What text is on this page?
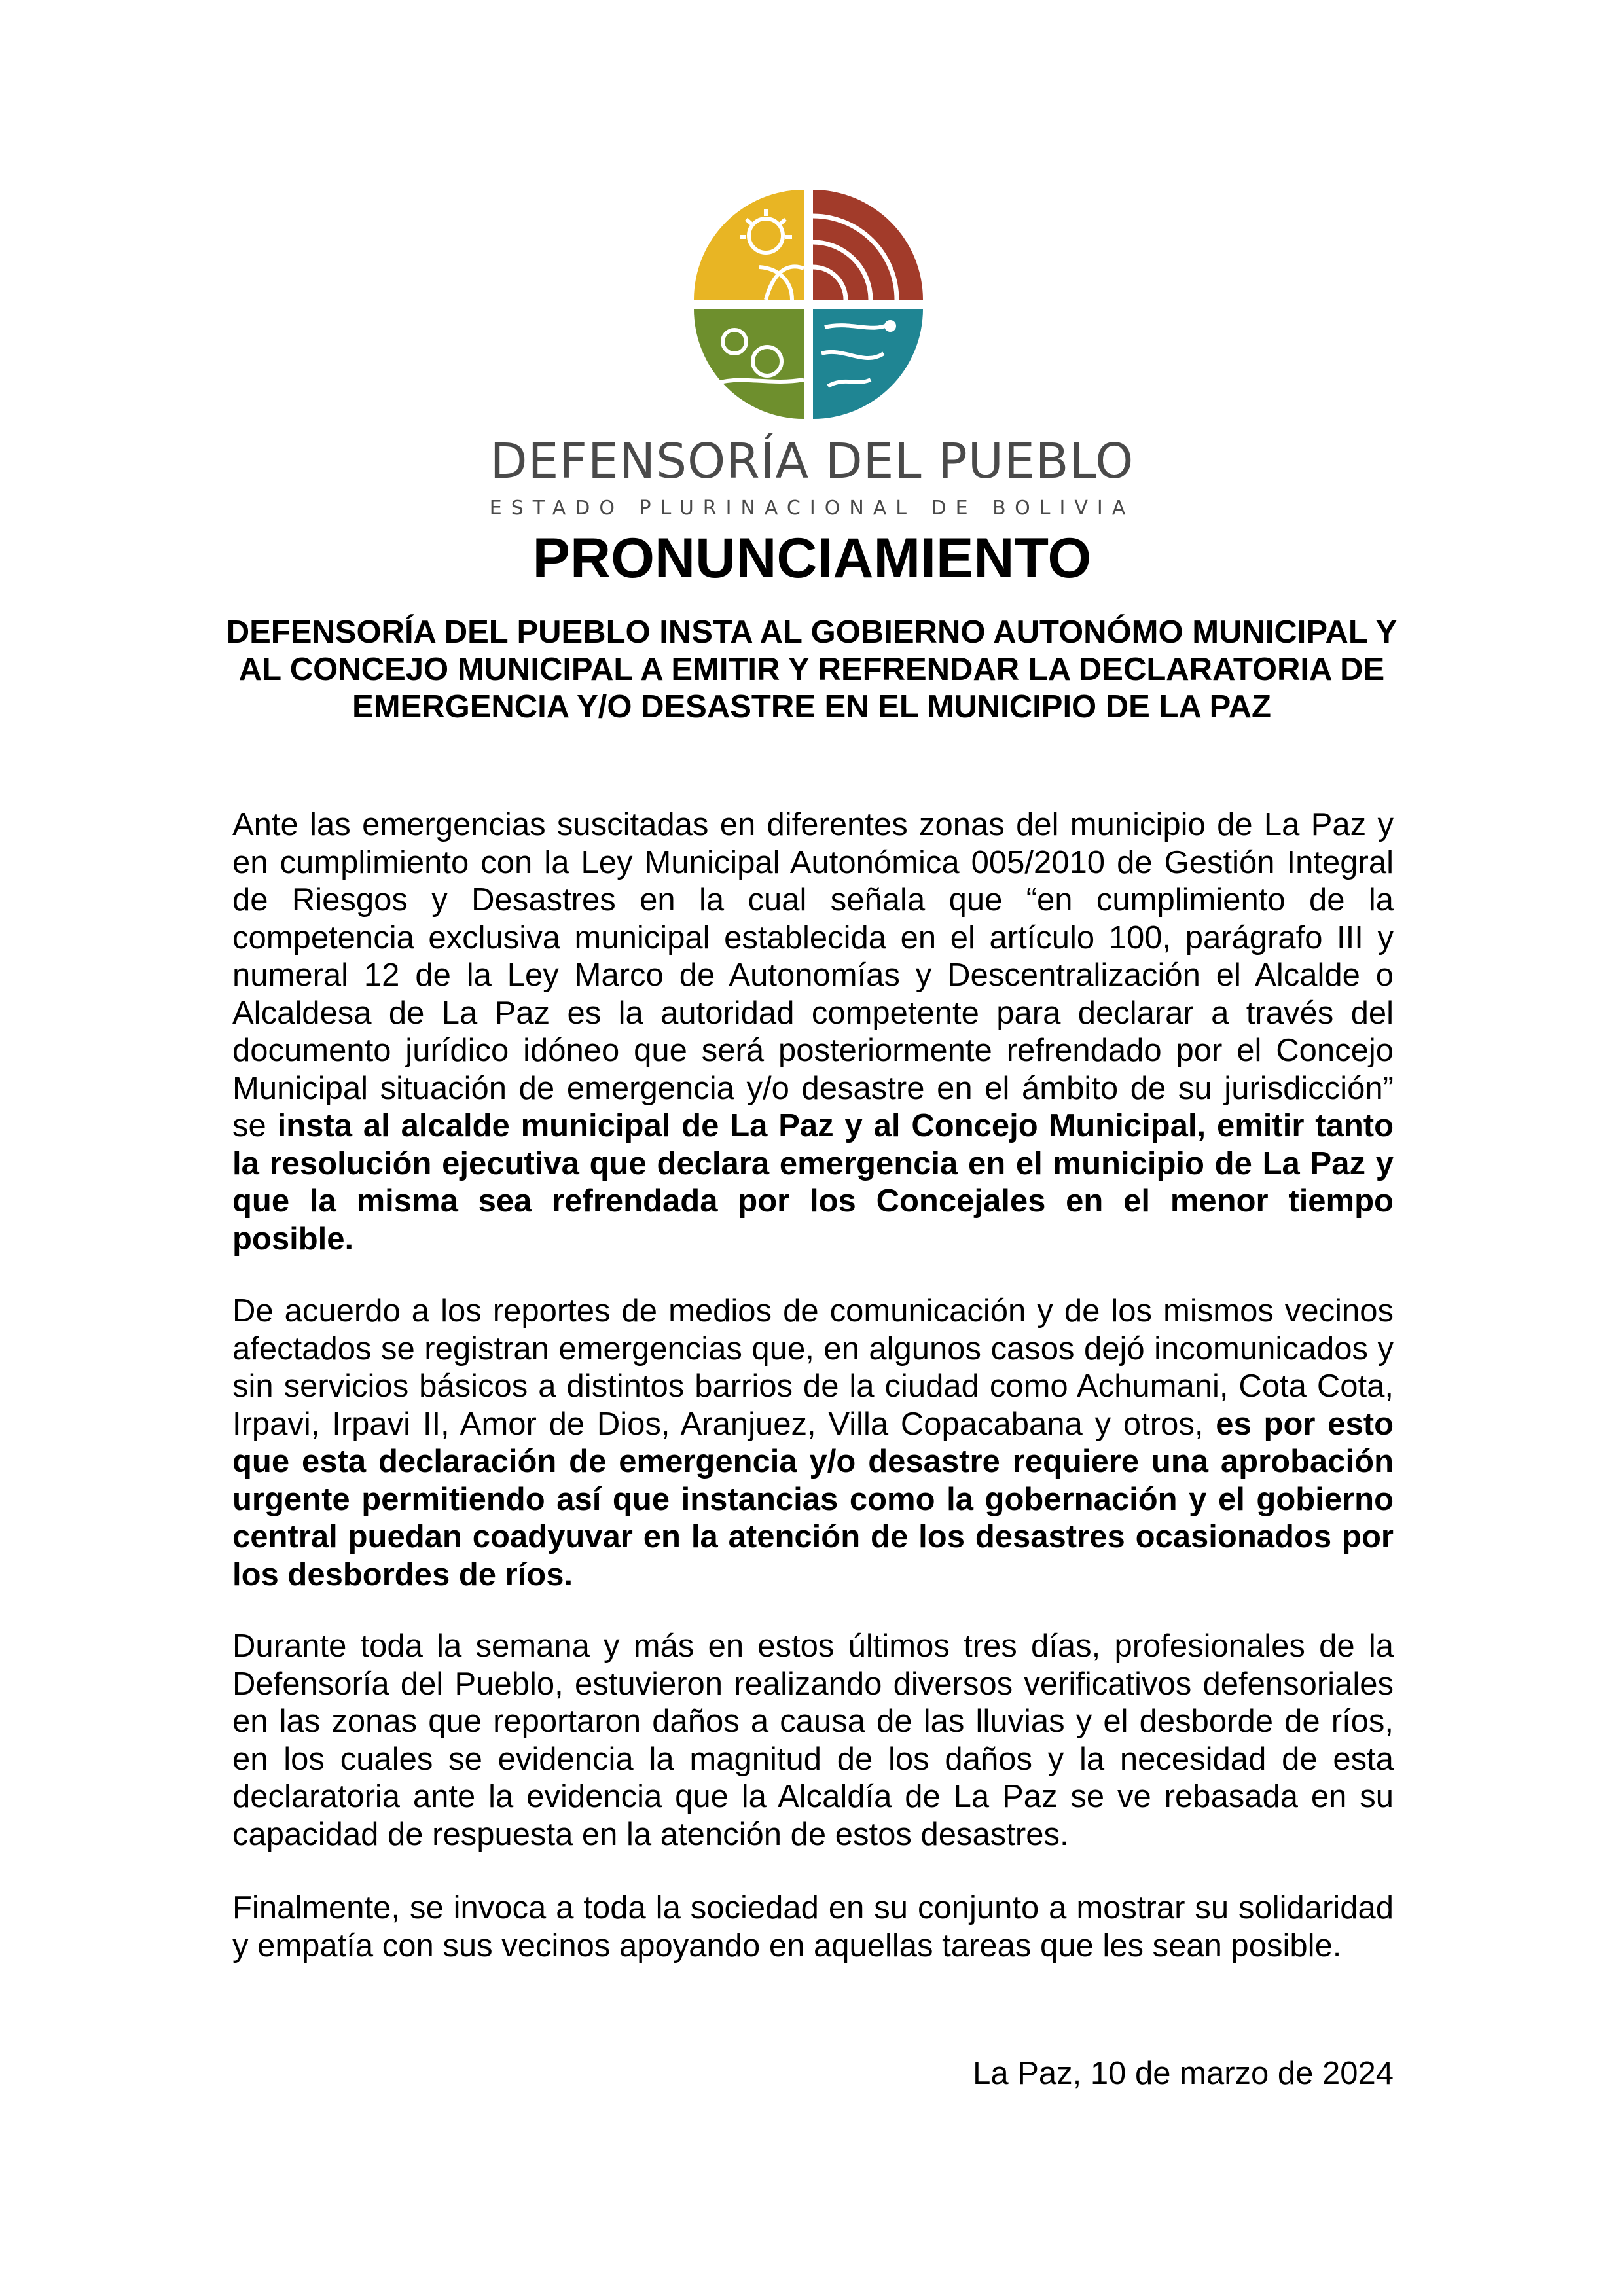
DEFENSORÍA DEL PUEBLO
ESTADO PLURINACIONAL DE BOLIVIA
PRONUNCIAMIENTO
DEFENSORÍA DEL PUEBLO INSTA AL GOBIERNO AUTONÓMO MUNICIPAL Y AL CONCEJO MUNICIPAL A EMITIR Y REFRENDAR LA DECLARATORIA DE EMERGENCIA Y/O DESASTRE EN EL MUNICIPIO DE LA PAZ
Ante las emergencias suscitadas en diferentes zonas del municipio de La Paz y en cumplimiento con la Ley Municipal Autonómica 005/2010 de Gestión Integral de Riesgos y Desastres en la cual señala que “en cumplimiento de la competencia exclusiva municipal establecida en el artículo 100, parágrafo III y numeral 12 de la Ley Marco de Autonomías y Descentralización el Alcalde o Alcaldesa de La Paz es la autoridad competente para declarar a través del documento jurídico idóneo que será posteriormente refrendado por el Concejo Municipal situación de emergencia y/o desastre en el ámbito de su jurisdicción” se insta al alcalde municipal de La Paz y al Concejo Municipal, emitir tanto la resolución ejecutiva que declara emergencia en el municipio de La Paz y que la misma sea refrendada por los Concejales en el menor tiempo posible.
De acuerdo a los reportes de medios de comunicación y de los mismos vecinos afectados se registran emergencias que, en algunos casos dejó incomunicados y sin servicios básicos a distintos barrios de la ciudad como Achumani, Cota Cota, Irpavi, Irpavi II, Amor de Dios, Aranjuez, Villa Copacabana y otros, es por esto que esta declaración de emergencia y/o desastre requiere una aprobación urgente permitiendo así que instancias como la gobernación y el gobierno central puedan coadyuvar en la atención de los desastres ocasionados por los desbordes de ríos.
Durante toda la semana y más en estos últimos tres días, profesionales de la Defensoría del Pueblo, estuvieron realizando diversos verificativos defensoriales en las zonas que reportaron daños a causa de las lluvias y el desborde de ríos, en los cuales se evidencia la magnitud de los daños y la necesidad de esta declaratoria ante la evidencia que la Alcaldía de La Paz se ve rebasada en su capacidad de respuesta en la atención de estos desastres.
Finalmente, se invoca a toda la sociedad en su conjunto a mostrar su solidaridad y empatía con sus vecinos apoyando en aquellas tareas que les sean posible.
La Paz, 10 de marzo de 2024
